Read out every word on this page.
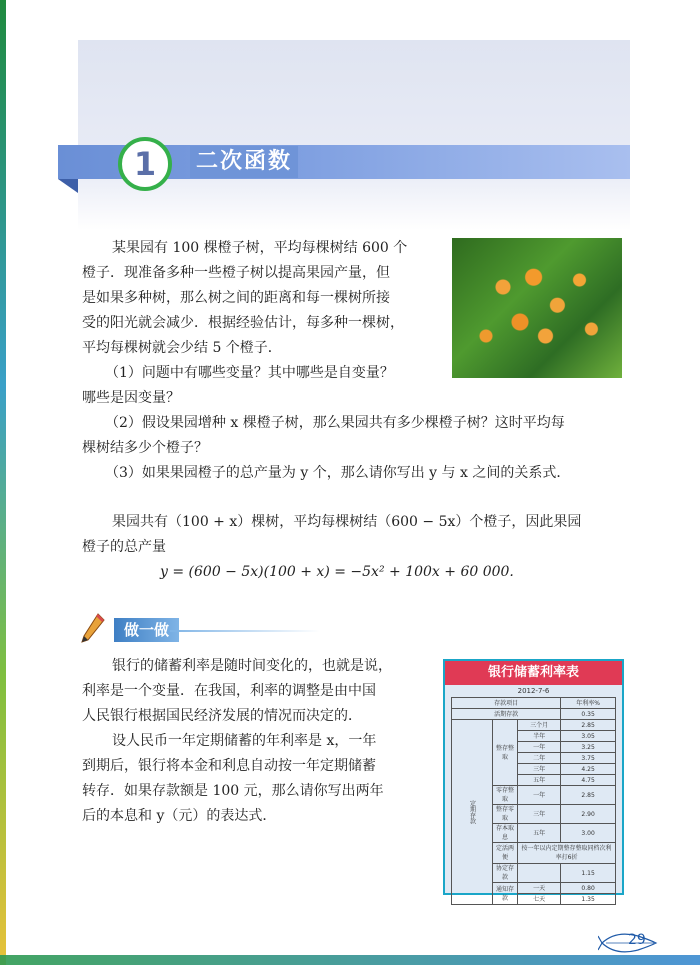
1	二次函数
某果园有 100 棵橙子树，平均每棵树结 600 个
橙子．现准备多种一些橙子树以提高果园产量，但
是如果多种树，那么树之间的距离和每一棵树所接
受的阳光就会减少．根据经验估计，每多种一棵树，
平均每棵树就会少结 5 个橙子．
（1）问题中有哪些变量？其中哪些是自变量？
哪些是因变量？
（2）假设果园增种 x 棵橙子树，那么果园共有多少棵橙子树？这时平均每
棵树结多少个橙子？
（3）如果果园橙子的总产量为 y 个，那么请你写出 y 与 x 之间的关系式．
果园共有（100 + x）棵树，平均每棵树结（600 − 5x）个橙子，因此果园
橙子的总产量
y = (600 − 5x)(100 + x) = −5x² + 100x + 60 000.
做一做
银行的储蓄利率是随时间变化的，也就是说，
利率是一个变量．在我国，利率的调整是由中国
人民银行根据国民经济发展的情况而决定的．
设人民币一年定期储蓄的年利率是 x，一年
到期后，银行将本金和利息自动按一年定期储蓄
转存．如果存款额是 100 元，那么请你写出两年
后的本息和 y（元）的表达式．
银行储蓄利率表
2012-7-6
存款项目			年利率%
活期存款			0.35
定期存款	整存整取	三个月	2.85
		半年	3.05
		一年	3.25
		二年	3.75
		三年	4.25
		五年	4.75
	零存整取	一年	2.85
	整存零取	三年	2.90
	存本取息	五年	3.00
	定活两便	按一年以内定期整存整取同档次利率打6折	
	协定存款		1.15
	通知存款	一天	0.80
		七天	1.35
29
